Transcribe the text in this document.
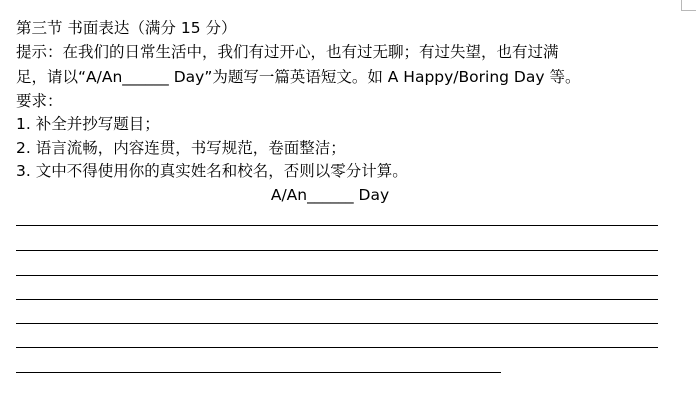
第三节 书面表达（满分 15 分）
提示：在我们的日常生活中，我们有过开心，也有过无聊；有过失望，也有过满
足，请以“A/An______ Day”为题写一篇英语短文。如 A Happy/Boring Day 等。
要求：
1. 补全并抄写题目；
2. 语言流畅，内容连贯，书写规范，卷面整洁；
3. 文中不得使用你的真实姓名和校名，否则以零分计算。
A/An______ Day
